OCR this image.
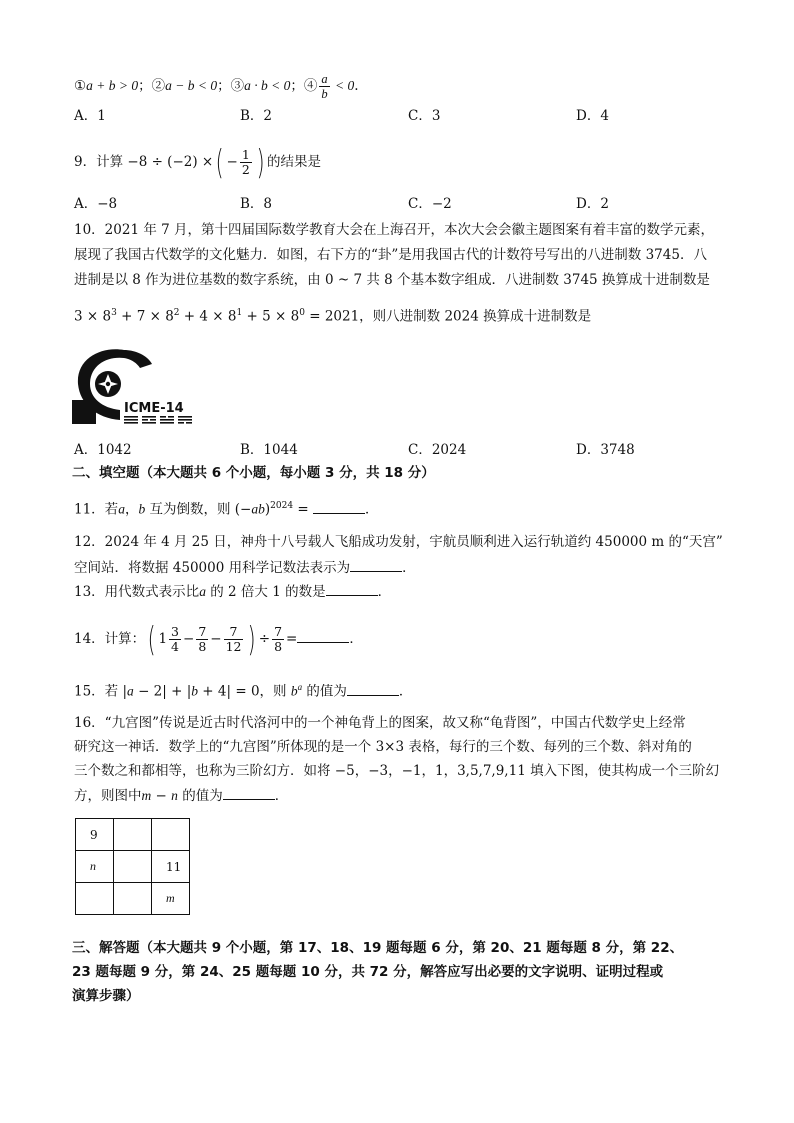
①a + b > 0；②a − b < 0；③a · b < 0；④ $\frac{a}{b} < 0$.
A．1	B．2	C．3	D．4
9．计算 −8 ÷ (−2) ×( − $\frac{1}{2}$ ) 的结果是
A．−8	B．8	C．−2	D．2
10．2021 年 7 月，第十四届国际数学教育大会在上海召开，本次大会会徽主题图案有着丰富的数学元素，
展现了我国古代数学的文化魅力．如图，右下方的“卦”是用我国古代的计数符号写出的八进制数 3745．八
进制是以 8 作为进位基数的数字系统，由 0 ~ 7 共 8 个基本数字组成．八进制数 3745 换算成十进制数是
$3 \times 8^3 + 7 \times 8^2 + 4 \times 8^1 + 5 \times 8^0 = 2021$，则八进制数 2024 换算成十进制数是
ICME-14
A．1042	B．1044	C．2024	D．3748
二、填空题（本大题共 6 个小题，每小题 3 分，共 18 分）
11．若a，b 互为倒数，则 $(-ab)^{2024}$ =	．
12．2024 年 4 月 25 日，神舟十八号载人飞船成功发射，宇航员顺利进入运行轨道约 450000 m 的“天宫”
空间站．将数据 450000 用科学记数法表示为	．
13．用代数式表示比a 的 2 倍大 1 的数是	．
14．计算：( $1 \frac{3}{4} - \frac{7}{8} - \frac{7}{12}$ ) ÷ $\frac{7}{8}$ =	．
15．若 |a − 2| + |b + 4| = 0，则 $b^a$ 的值为	．
16．“九宫图”传说是近古时代洛河中的一个神龟背上的图案，故又称“龟背图”，中国古代数学史上经常
研究这一神话．数学上的“九宫图”所体现的是一个 3×3 表格，每行的三个数、每列的三个数、斜对角的
三个数之和都相等，也称为三阶幻方．如将 −5，−3，−1，1，3,5,7,9,11 填入下图，使其构成一个三阶幻
方，则图中m − n 的值为	．
9		
n		11
		m
三、解答题（本大题共 9 个小题，第 17、18、19 题每题 6 分，第 20、21 题每题 8 分，第 22、
23 题每题 9 分，第 24、25 题每题 10 分，共 72 分，解答应写出必要的文字说明、证明过程或
演算步骤）
